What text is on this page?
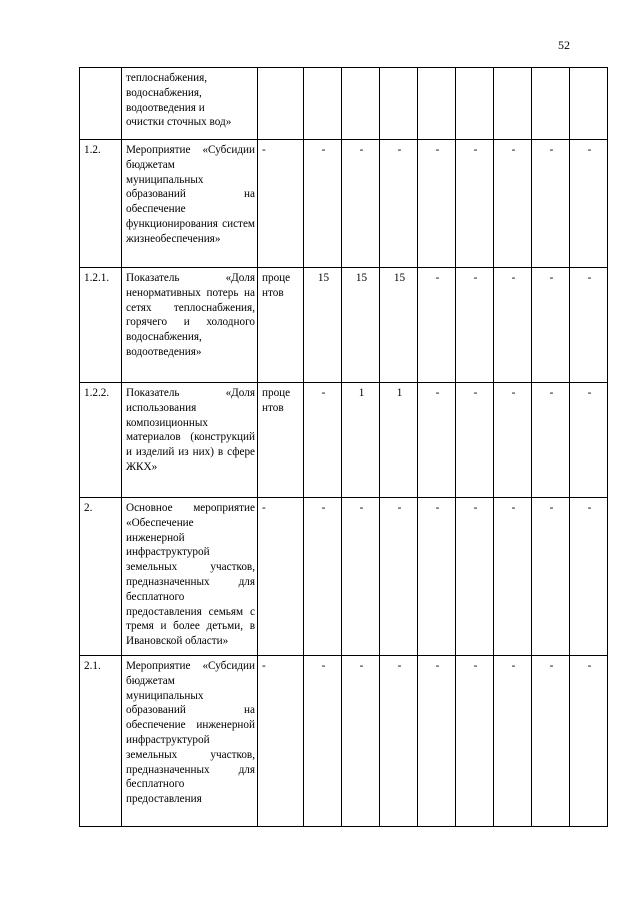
52

	теплоснабжения,
водоснабжения,
водоотведения и
очистки сточных вод»									

1.2.	Мероприятие «Субсидии бюджетам муниципальных образований на обеспечение функционирования систем жизнеобеспечения»	-	-	-	-	-	-	-	-	-
1.2.1.	Показатель «Доля ненормативных потерь на сетях теплоснабжения, горячего и холодного водоснабжения, водоотведения»	проце нтов	15	15	15	-	-	-	-	-
1.2.2.	Показатель «Доля использования композиционных материалов (конструкций и изделий из них) в сфере ЖКХ»	проце нтов	-	1	1	-	-	-	-	-
2.	Основное мероприятие «Обеспечение инженерной инфраструктурой земельных участков, предназначенных для бесплатного предоставления семьям с тремя и более детьми, в Ивановской области»	-	-	-	-	-	-	-	-	-
2.1.	Мероприятие «Субсидии бюджетам муниципальных образований на обеспечение инженерной инфраструктурой земельных участков, предназначенных для бесплатного предоставления	-	-	-	-	-	-	-	-	-
